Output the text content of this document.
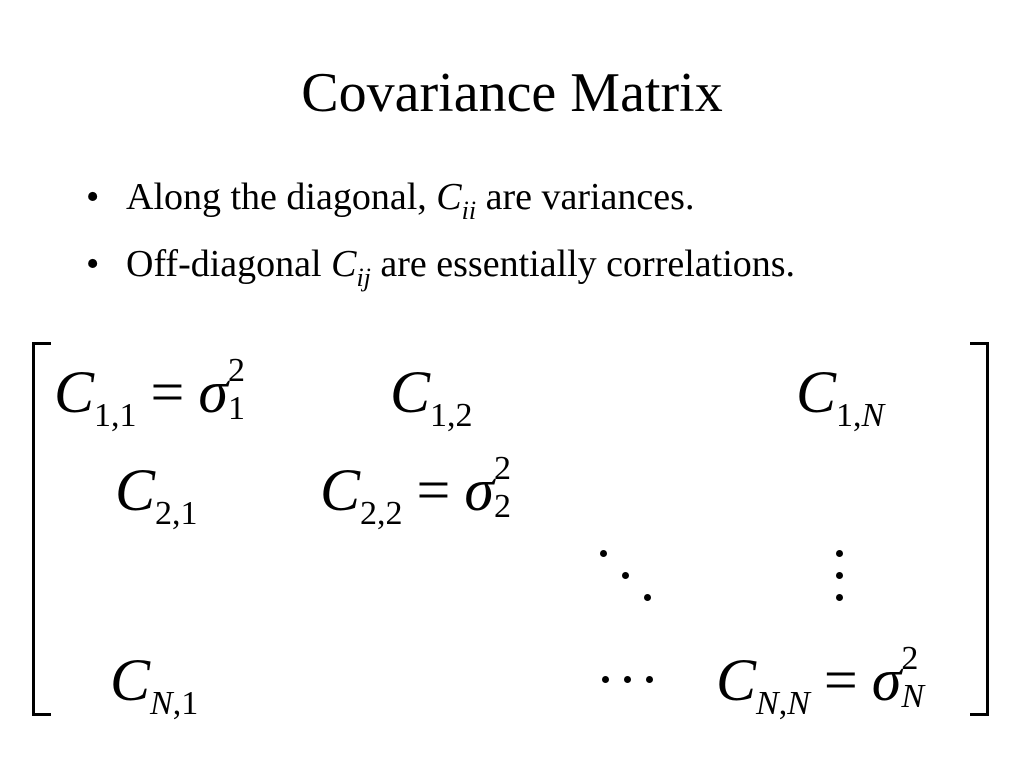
Covariance Matrix
• Along the diagonal, $C_{ii}$ are variances.
• Off-diagonal $C_{ij}$ are essentially correlations.
$C_{1,1} = \sigma$ 2
1 $C_{1,2}$	$C_{1,N}$
$C_{2,1}$ $C_{2,2} = \sigma$ 2
2
$C_{N,1}$	$C_{N,N} = \sigma$ 2
N
